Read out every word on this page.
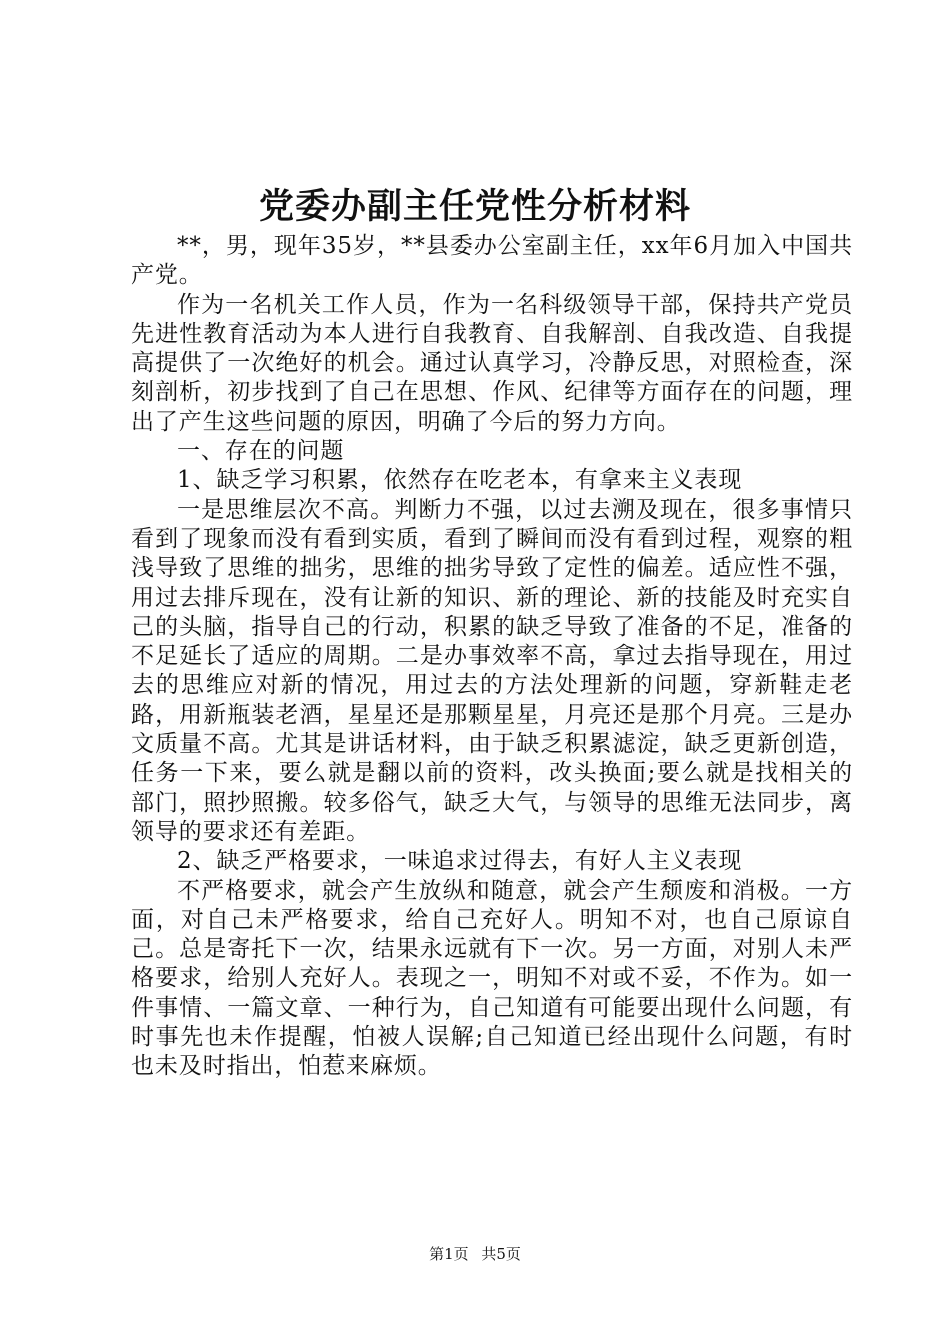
党委办副主任党性分析材料

**，男，现年35岁，**县委办公室副主任，xx年6月加入中国共产党。

作为一名机关工作人员，作为一名科级领导干部，保持共产党员先进性教育活动为本人进行自我教育、自我解剖、自我改造、自我提高提供了一次绝好的机会。通过认真学习，冷静反思，对照检查，深刻剖析，初步找到了自己在思想、作风、纪律等方面存在的问题，理出了产生这些问题的原因，明确了今后的努力方向。

一、存在的问题

1、缺乏学习积累，依然存在吃老本，有拿来主义表现

一是思维层次不高。判断力不强，以过去溯及现在，很多事情只看到了现象而没有看到实质，看到了瞬间而没有看到过程，观察的粗浅导致了思维的拙劣，思维的拙劣导致了定性的偏差。适应性不强，用过去排斥现在，没有让新的知识、新的理论、新的技能及时充实自己的头脑，指导自己的行动，积累的缺乏导致了准备的不足，准备的不足延长了适应的周期。二是办事效率不高，拿过去指导现在，用过去的思维应对新的情况，用过去的方法处理新的问题，穿新鞋走老路，用新瓶装老酒，星星还是那颗星星，月亮还是那个月亮。三是办文质量不高。尤其是讲话材料，由于缺乏积累滤淀，缺乏更新创造，任务一下来，要么就是翻以前的资料，改头换面;要么就是找相关的部门，照抄照搬。较多俗气，缺乏大气，与领导的思维无法同步，离领导的要求还有差距。

2、缺乏严格要求，一味追求过得去，有好人主义表现

不严格要求，就会产生放纵和随意，就会产生颓废和消极。一方面，对自己未严格要求，给自己充好人。明知不对，也自己原谅自己。总是寄托下一次，结果永远就有下一次。另一方面，对别人未严格要求，给别人充好人。表现之一，明知不对或不妥，不作为。如一件事情、一篇文章、一种行为，自己知道有可能要出现什么问题，有时事先也未作提醒，怕被人误解;自己知道已经出现什么问题，有时也未及时指出，怕惹来麻烦。

第1页 共5页
